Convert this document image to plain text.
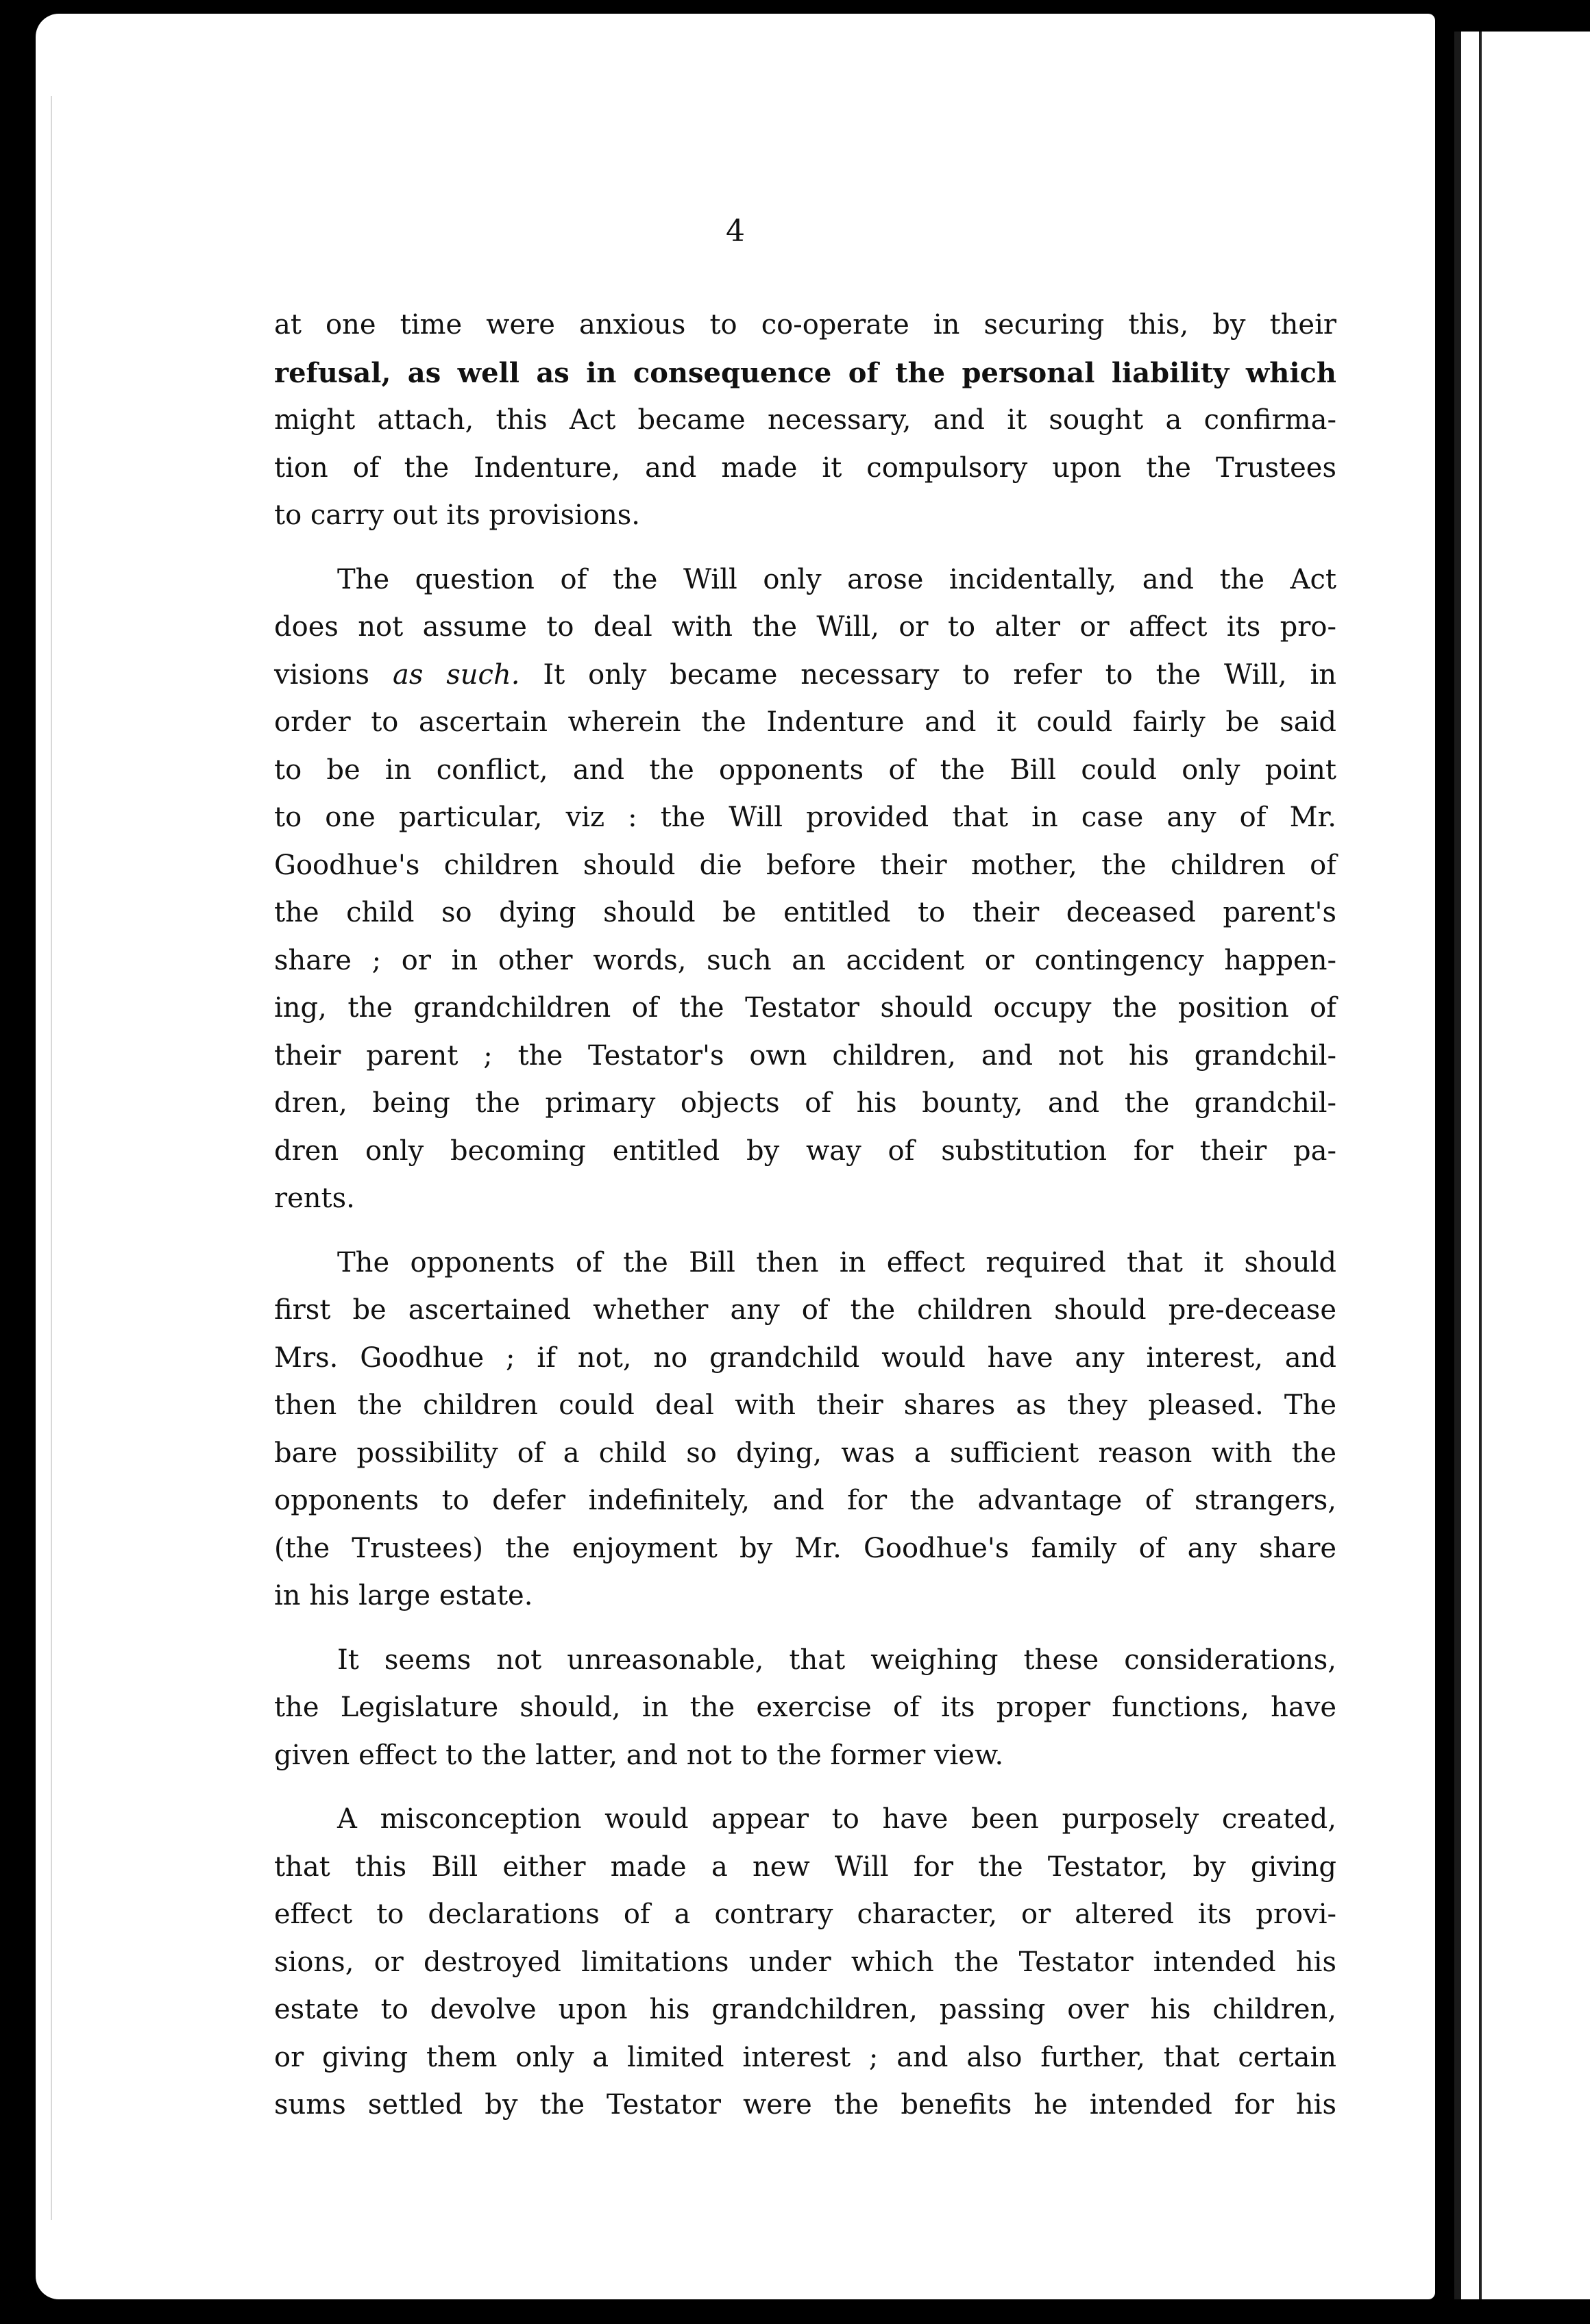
4

at one time were anxious to co-operate in securing this, by their
refusal, as well as in consequence of the personal liability which
might attach, this Act became necessary, and it sought a confirma-
tion of the Indenture, and made it compulsory upon the Trustees
to carry out its provisions.

The question of the Will only arose incidentally, and the Act
does not assume to deal with the Will, or to alter or affect its pro-
visions as such. It only became necessary to refer to the Will, in
order to ascertain wherein the Indenture and it could fairly be said
to be in conflict, and the opponents of the Bill could only point
to one particular, viz : the Will provided that in case any of Mr.
Goodhue's children should die before their mother, the children of
the child so dying should be entitled to their deceased parent's
share ; or in other words, such an accident or contingency happen-
ing, the grandchildren of the Testator should occupy the position of
their parent ; the Testator's own children, and not his grandchil-
dren, being the primary objects of his bounty, and the grandchil-
dren only becoming entitled by way of substitution for their pa-
rents.

The opponents of the Bill then in effect required that it should
first be ascertained whether any of the children should pre-decease
Mrs. Goodhue ; if not, no grandchild would have any interest, and
then the children could deal with their shares as they pleased. The
bare possibility of a child so dying, was a sufficient reason with the
opponents to defer indefinitely, and for the advantage of strangers,
(the Trustees) the enjoyment by Mr. Goodhue's family of any share
in his large estate.

It seems not unreasonable, that weighing these considerations,
the Legislature should, in the exercise of its proper functions, have
given effect to the latter, and not to the former view.

A misconception would appear to have been purposely created,
that this Bill either made a new Will for the Testator, by giving
effect to declarations of a contrary character, or altered its provi-
sions, or destroyed limitations under which the Testator intended his
estate to devolve upon his grandchildren, passing over his children,
or giving them only a limited interest ; and also further, that certain
sums settled by the Testator were the benefits he intended for his
